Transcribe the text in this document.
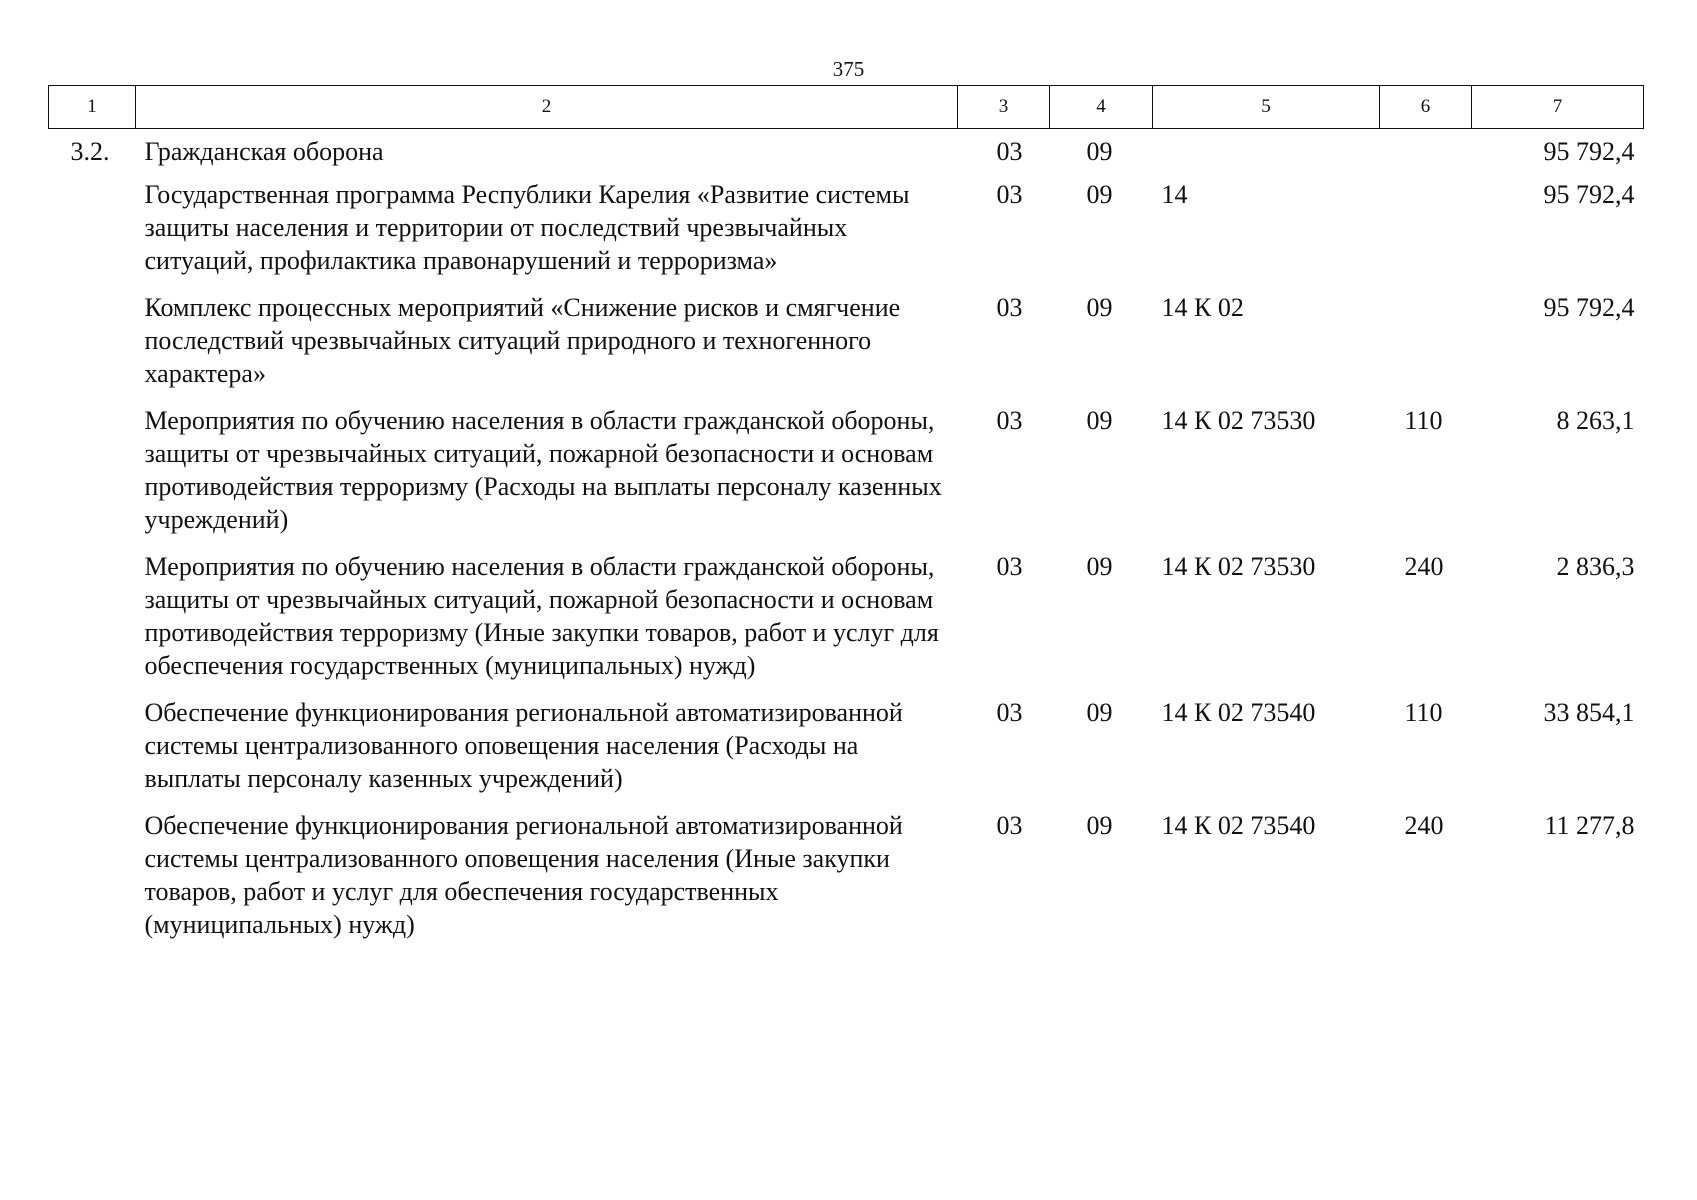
375
1	2	3	4	5	6	7
3.2.	Гражданская оборона	03	09			95 792,4
	Государственная программа Республики Карелия «Развитие системы защиты населения и территории от последствий чрезвычайных ситуаций, профилактика правонарушений и терроризма»	03	09	14		95 792,4
	Комплекс процессных мероприятий «Снижение рисков и смягчение последствий чрезвычайных ситуаций природного и техногенного характера»	03	09	14 К 02		95 792,4
	Мероприятия по обучению населения в области гражданской обороны, защиты от чрезвычайных ситуаций, пожарной безопасности и основам противодействия терроризму (Расходы на выплаты персоналу казенных учреждений)	03	09	14 К 02 73530	110	8 263,1
	Мероприятия по обучению населения в области гражданской обороны, защиты от чрезвычайных ситуаций, пожарной безопасности и основам противодействия терроризму (Иные закупки товаров, работ и услуг для обеспечения государственных (муниципальных) нужд)	03	09	14 К 02 73530	240	2 836,3
	Обеспечение функционирования региональной автоматизированной системы централизованного оповещения населения (Расходы на выплаты персоналу казенных учреждений)	03	09	14 К 02 73540	110	33 854,1
	Обеспечение функционирования региональной автоматизированной системы централизованного оповещения населения (Иные закупки товаров, работ и услуг для обеспечения государственных (муниципальных) нужд)	03	09	14 К 02 73540	240	11 277,8
